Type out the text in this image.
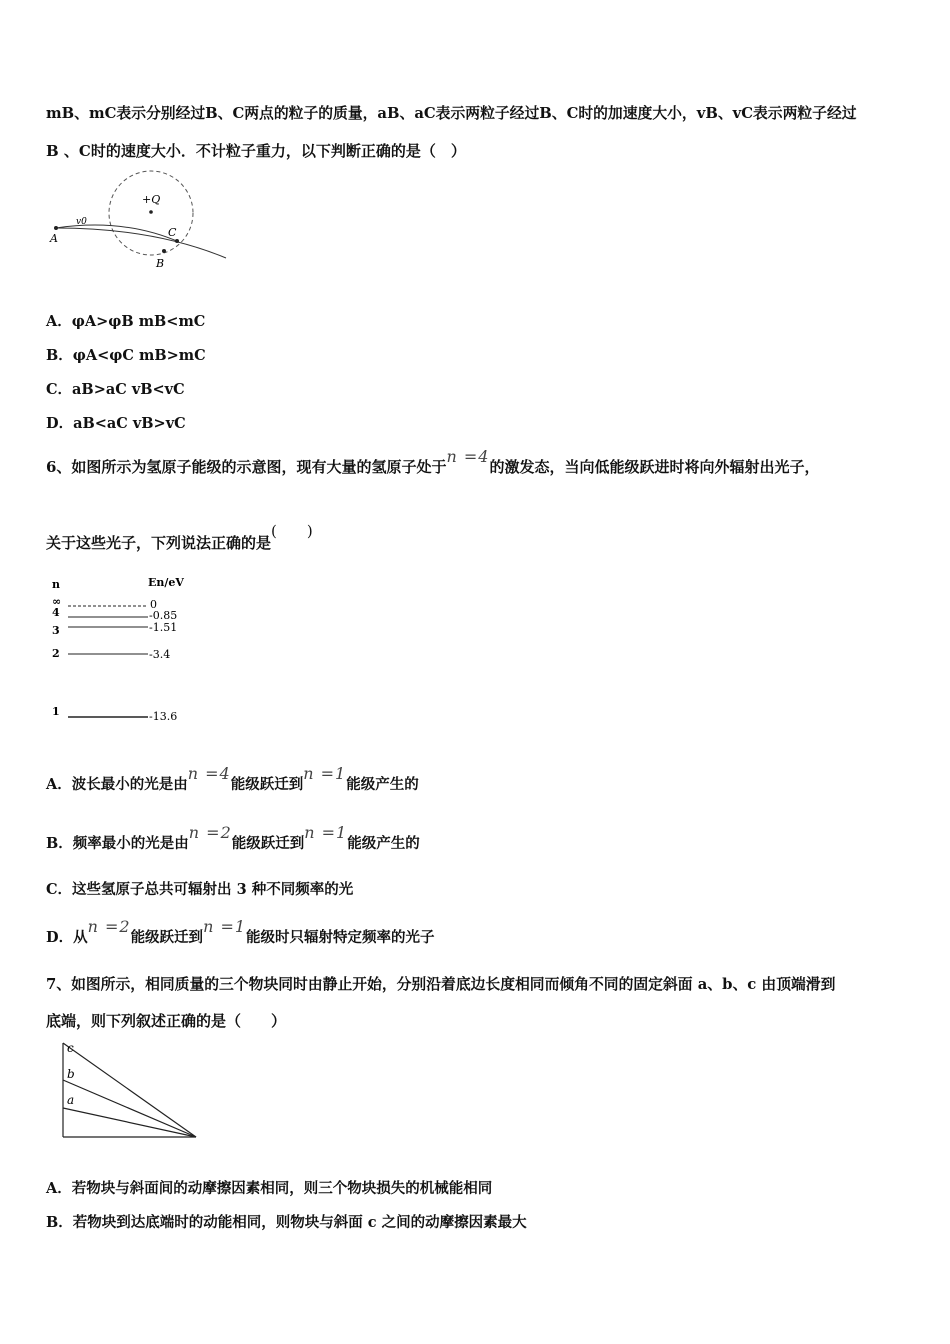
mB、mC表示分别经过B、C两点的粒子的质量，aB、aC表示两粒子经过B、C时的加速度大小，vB、vC表示两粒子经过
B 、C时的速度大小．不计粒子重力，以下判断正确的是（　）
+Q
A	C
B
v0
A．φA>φB mB<mC
B．φA<φC mB>mC
C．aB>aC vB<vC
D．aB<aC vB>vC
6、如图所示为氢原子能级的示意图，现有大量的氢原子处于n =4的激发态，当向低能级跃进时将向外辐射出光子，
关于这些光子，下列说法正确的是(　　)
n	En/eV
∞	0
4	-0.85
3	-1.51
2	-3.4
1	-13.6
A．波长最小的光是由n =4能级跃迁到n =1能级产生的
B．频率最小的光是由n =2能级跃迁到n =1能级产生的
C．这些氢原子总共可辐射出 3 种不同频率的光
D．从n =2能级跃迁到n =1能级时只辐射特定频率的光子
7、如图所示，相同质量的三个物块同时由静止开始，分别沿着底边长度相同而倾角不同的固定斜面 a、b、c 由顶端滑到
底端，则下列叙述正确的是（　　）
c
b
a
A．若物块与斜面间的动摩擦因素相同，则三个物块损失的机械能相同
B．若物块到达底端时的动能相同，则物块与斜面 c 之间的动摩擦因素最大
